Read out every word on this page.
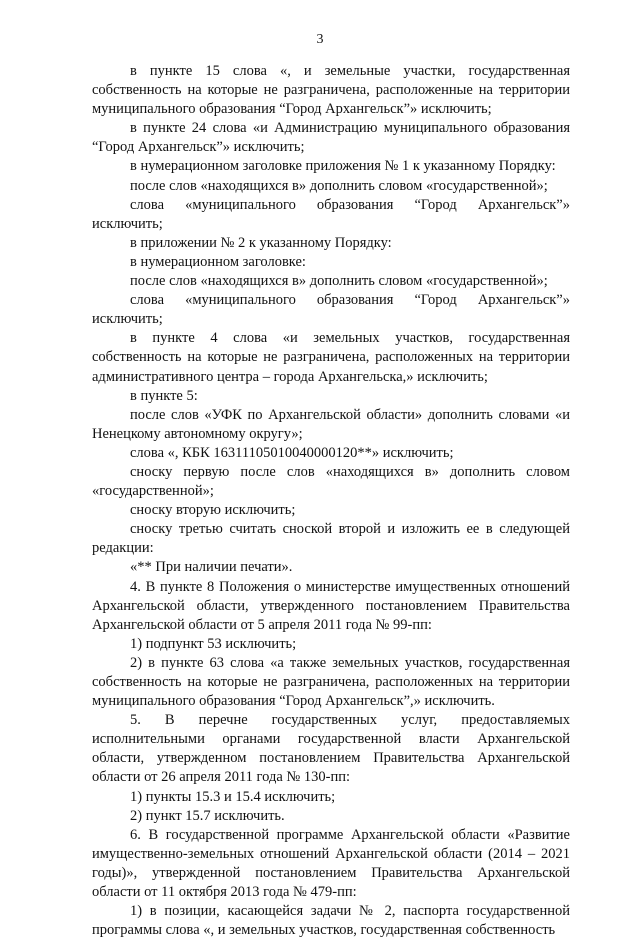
3

в пункте 15 слова «, и земельные участки, государственная собственность на которые не разграничена, расположенные на территории муниципального образования “Город Архангельск”» исключить;

в пункте 24 слова «и Администрацию муниципального образования “Город Архангельск”» исключить;

в нумерационном заголовке приложения № 1 к указанному Порядку:

после слов «находящихся в» дополнить словом «государственной»;

слова «муниципального образования “Город Архангельск”» исключить;

в приложении № 2 к указанному Порядку:

в нумерационном заголовке:

после слов «находящихся в» дополнить словом «государственной»;

слова «муниципального образования “Город Архангельск”» исключить;

в пункте 4 слова «и земельных участков, государственная собственность на которые не разграничена, расположенных на территории административного центра – города Архангельска,» исключить;

в пункте 5:

после слов «УФК по Архангельской области» дополнить словами «и Ненецкому автономному округу»;

слова «, КБК 16311105010040000120**» исключить;

сноску первую после слов «находящихся в» дополнить словом «государственной»;

сноску вторую исключить;

сноску третью считать сноской второй и изложить ее в следующей редакции:

«** При наличии печати».

4. В пункте 8 Положения о министерстве имущественных отношений Архангельской области, утвержденного постановлением Правительства Архангельской области от 5 апреля 2011 года № 99-пп:

1) подпункт 53 исключить;

2) в пункте 63 слова «а также земельных участков, государственная собственность на которые не разграничена, расположенных на территории муниципального образования “Город Архангельск”,» исключить.

5. В перечне государственных услуг, предоставляемых исполнительными органами государственной власти Архангельской области, утвержденном постановлением Правительства Архангельской области от 26 апреля 2011 года № 130-пп:

1) пункты 15.3 и 15.4 исключить;

2) пункт 15.7 исключить.

6. В государственной программе Архангельской области «Развитие имущественно-земельных отношений Архангельской области (2014 – 2021 годы)», утвержденной постановлением Правительства Архангельской области от 11 октября 2013 года № 479-пп:

1) в позиции, касающейся задачи № 2, паспорта государственной программы слова «, и земельных участков, государственная собственность
